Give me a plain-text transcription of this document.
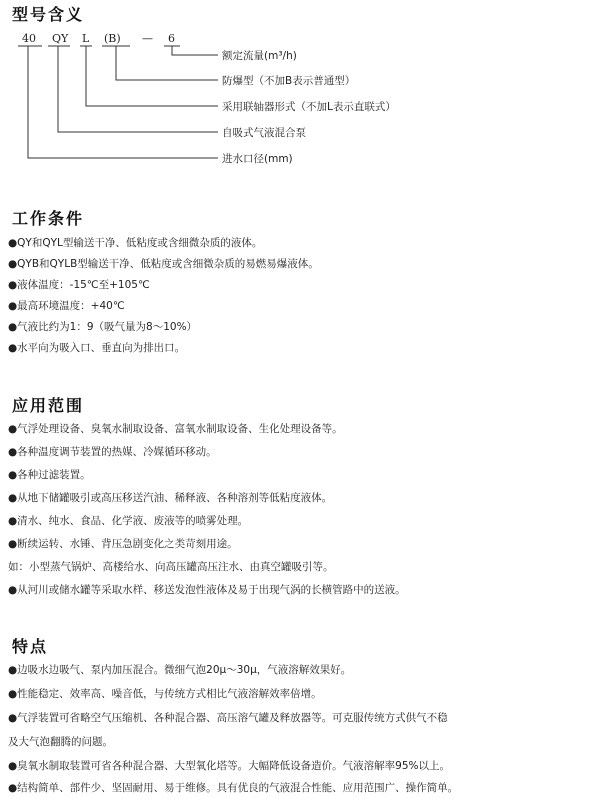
型号含义
40 QY L (B) — 6
额定流量(m³/h)
防爆型（不加B表示普通型）
采用联轴器形式（不加L表示直联式）
自吸式气液混合泵
进水口径(mm)
工作条件
●QY和QYL型输送干净、低粘度或含细微杂质的液体。
●QYB和QYLB型输送干净、低粘度或含细微杂质的易燃易爆液体。
●液体温度：-15℃至+105℃
●最高环境温度：+40℃
●气液比约为1：9（吸气量为8～10%）
●水平向为吸入口、垂直向为排出口。
应用范围
●气浮处理设备、臭氧水制取设备、富氧水制取设备、生化处理设备等。
●各种温度调节装置的热媒、冷媒循环移动。
●各种过滤装置。
●从地下储罐吸引或高压移送汽油、稀释液、各种溶剂等低粘度液体。
●清水、纯水、食品、化学液、废液等的喷雾处理。
●断续运转、水锤、背压急剧变化之类苛刻用途。
如：小型蒸气锅炉、高楼给水、向高压罐高压注水、由真空罐吸引等。
●从河川或储水罐等采取水样、移送发泡性液体及易于出现气涡的长横管路中的送液。
特点
●边吸水边吸气、泵内加压混合。微细气泡20μ～30μ，气液溶解效果好。
●性能稳定、效率高、噪音低，与传统方式相比气液溶解效率倍增。
●气浮装置可省略空气压缩机、各种混合器、高压溶气罐及释放器等。可克服传统方式供气不稳
及大气泡翻腾的问题。
●臭氧水制取装置可省各种混合器、大型氧化塔等。大幅降低设备造价。气液溶解率95%以上。
●结构简单、部件少、坚固耐用、易于维修。具有优良的气液混合性能、应用范围广、操作简单。
